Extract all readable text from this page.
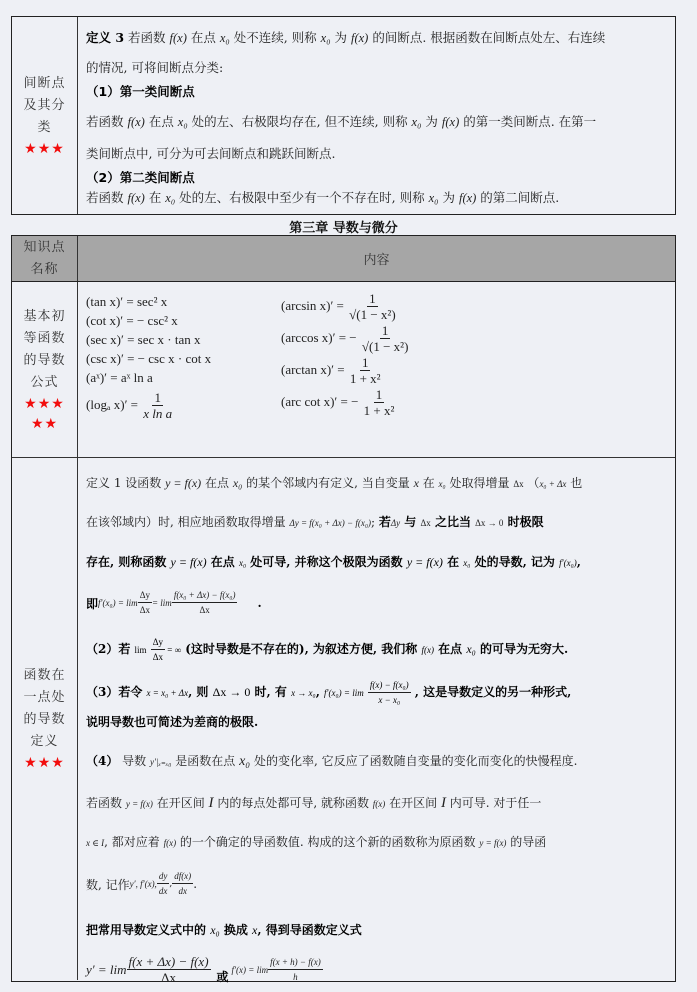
间断点
及其分
类
★★★
定义 3 若函数 f(x) 在点 x₀ 处不连续, 则称 x₀ 为 f(x) 的间断点. 根据函数在间断点处左、右连续
的情况, 可将间断点分类:
（1）第一类间断点
若函数 f(x) 在点 x₀ 处的左、右极限均存在, 但不连续, 则称 x₀ 为 f(x) 的第一类间断点. 在第一
类间断点中, 可分为可去间断点和跳跃间断点.
（2）第二类间断点
若函数 f(x) 在 x₀ 处的左、右极限中至少有一个不存在时, 则称 x₀ 为 f(x) 的第二间断点.
第三章 导数与微分
知识点
名称
内容
基本初
等函数
的导数
公式
★★★
★★
(tan x)′ = sec² x
(cot x)′ = − csc² x
(sec x)′ = sec x · tan x
(csc x)′ = − csc x · cot x
(aˣ)′ = aˣ ln a
(logₐ $x)' = \frac{1}{\text{x ln a}}$
(arcsin $x)' = \frac{1}{\text{√(1 − x²)}}$
(arccos x)′ = − $\frac{1}{\text{√(1 − x²)}}$
(arctan $x)' = \frac{1}{\text{1 + x²}}$
(arc cot x)′ = − $\frac{1}{\text{1 + x²}}$
函数在
一点处
的导数
定义
★★★
定义 1 设函数 y = f(x) 在点 x₀ 的某个邻域内有定义, 当自变量 x 在 x₀ 处取得增量 Δx （x₀ + Δx 也
在该邻域内）时, 相应地函数取得增量 Δy = f(x₀ + Δx) − f(x₀); 若Δy 与 Δx 之比当 Δx → 0 时极限
存在, 则称函数 y = f(x) 在点 x₀ 处可导, 并称这个极限为函数 y = f(x) 在 x₀ 处的导数, 记为 f′(x₀),
即 $f'(x_0) = \lim \frac{\Delta y}{\Delta x} = \lim \frac{\text{f(x₀ + Δx) − f(x₀)}}{\Delta x}$ .
（2）若 $\lim \frac{\Delta y}{\Delta x}$ = ∞ (这时导数是不存在的), 为叙述方便, 我们称 f(x) 在点 x₀ 的可导为无穷大.
（3）若令 x = x₀ + Δx, 则 Δx → 0 时, 有 x → x₀, $f'(x_0) = \lim \frac{\text{f(x) − f(x₀)}}{\text{x − x₀}}$ , 这是导数定义的另一种形式,
说明导数也可简述为差商的极限.
（4） 导数 y′|ₓ₌ₓ₀ 是函数在点 x₀ 处的变化率, 它反应了函数随自变量的变化而变化的快慢程度.
若函数 y = f(x) 在开区间 I 内的每点处都可导, 就称函数 f(x) 在开区间 I 内可导. 对于任一
x ∈ I, 都对应着 f(x) 的一个确定的导函数值. 构成的这个新的函数称为原函数 y = f(x) 的导函
数, 记作 y′, f′(x), $\frac{dy}{dx}$ , $\frac{df(x)}{dx}$ .
把常用导数定义式中的 x₀ 换成 x, 得到导函数定义式
$y' = \lim \frac{f(x + \Delta x) - f(x)}{\Delta x}$ 或 $f'(x) = \lim \frac{f(x + h) - f(x)}{h}$
